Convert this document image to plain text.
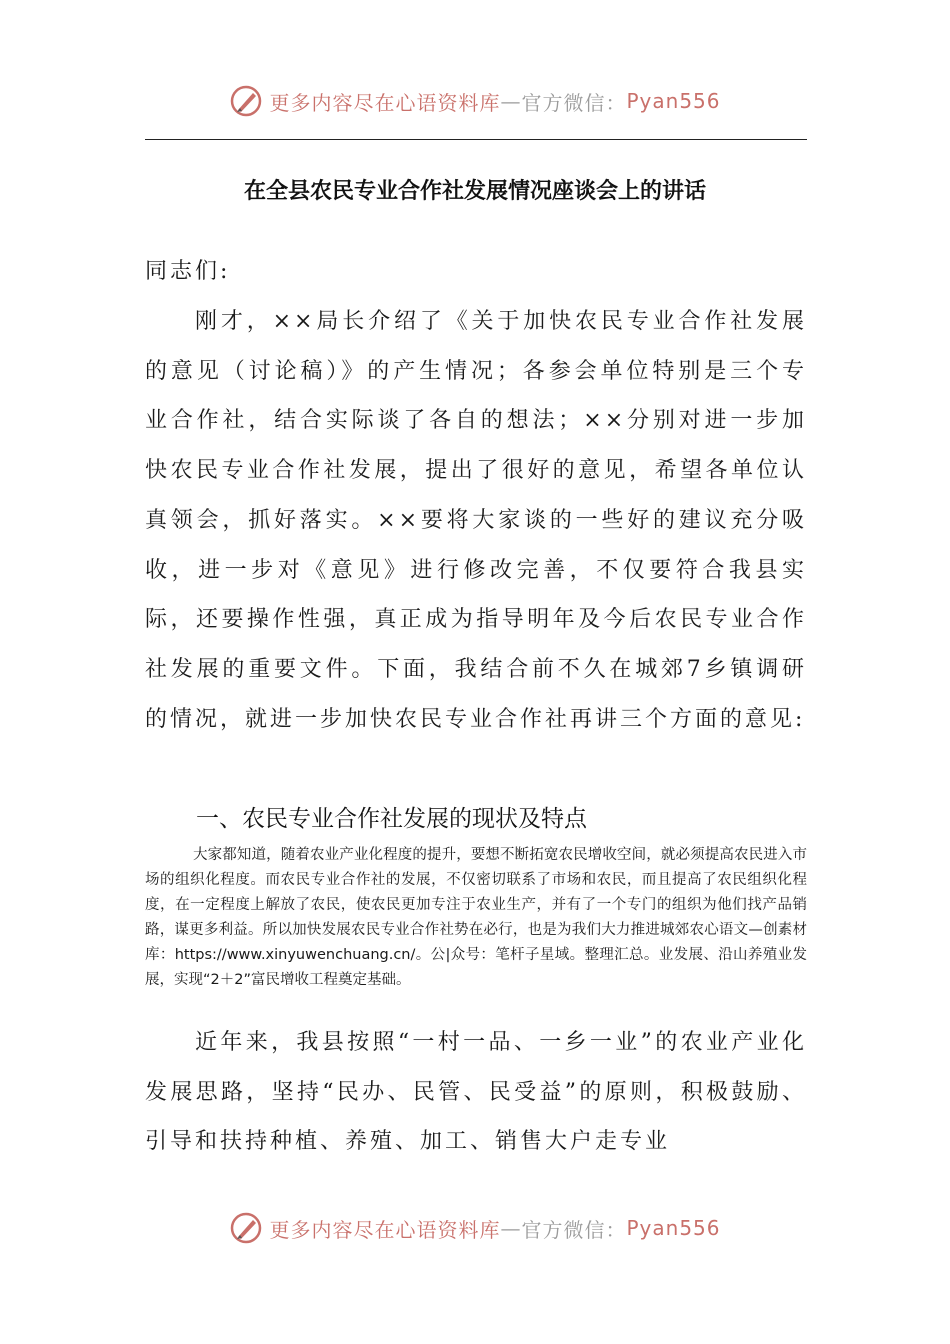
更多内容尽在心语资料库 — 官方微信： Pyan556
在全县农民专业合作社发展情况座谈会上的讲话

同志们:

刚才，××局长介绍了《关于加快农民专业合作社发展的意见（讨论稿）》的产生情况；各参会单位特别是三个专业合作社，结合实际谈了各自的想法；××分别对进一步加快农民专业合作社发展，提出了很好的意见，希望各单位认真领会，抓好落实。××要将大家谈的一些好的建议充分吸收，进一步对《意见》进行修改完善，不仅要符合我县实际，还要操作性强，真正成为指导明年及今后农民专业合作社发展的重要文件。下面，我结合前不久在城郊7乡镇调研的情况，就进一步加快农民专业合作社再讲三个方面的意见:

一、农民专业合作社发展的现状及特点

大家都知道，随着农业产业化程度的提升，要想不断拓宽农民增收空间，就必须提高农民进入市场的组织化程度。而农民专业合作社的发展，不仅密切联系了市场和农民，而且提高了农民组织化程度，在一定程度上解放了农民，使农民更加专注于农业生产，并有了一个专门的组织为他们找产品销路，谋更多利益。所以加快发展农民专业合作社势在必行，也是为我们大力推进城郊农心语文—创素材库：https://www.xinyuwenchuang.cn/。公|众号：笔杆子星域。整理汇总。业发展、沿山养殖业发展，实现“2＋2”富民增收工程奠定基础。

近年来，我县按照“一村一品、一乡一业”的农业产业化发展思路，坚持“民办、民管、民受益”的原则，积极鼓励、引导和扶持种植、养殖、加工、销售大户走专业

更多内容尽在心语资料库 — 官方微信： Pyan556
